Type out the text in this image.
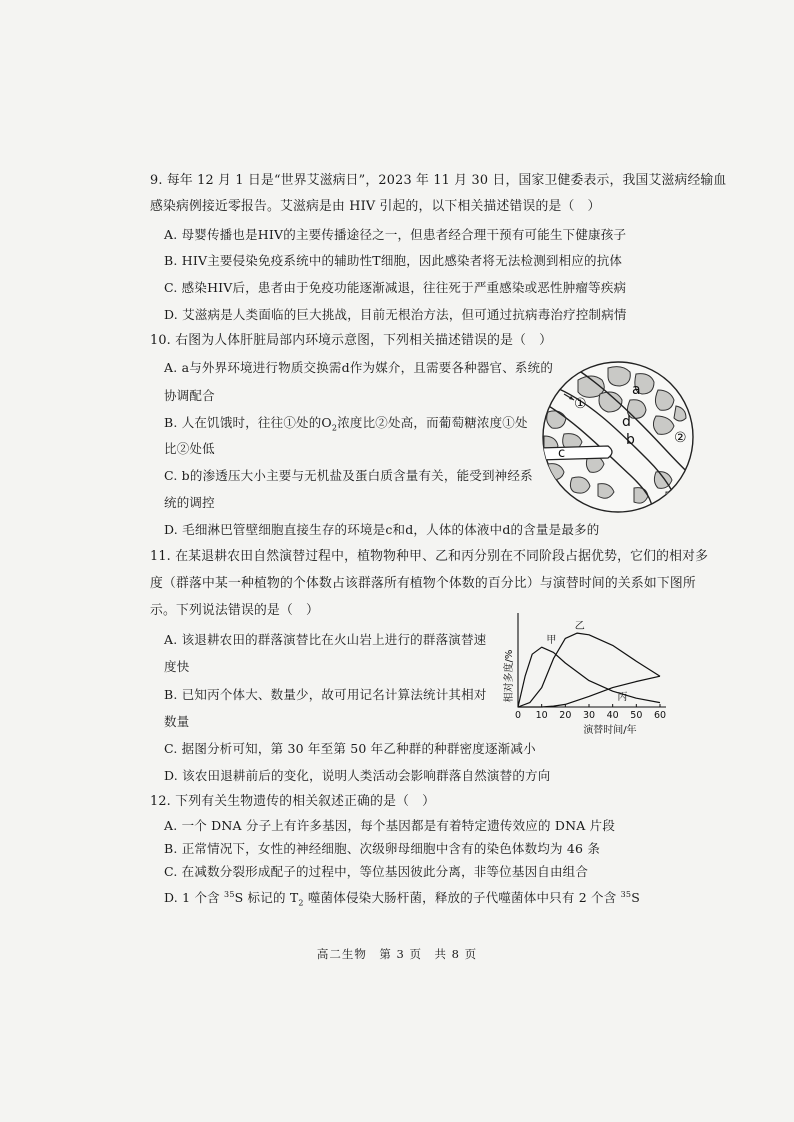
9. 每年 12 月 1 日是“世界艾滋病日”，2023 年 11 月 30 日，国家卫健委表示，我国艾滋病经输血
感染病例接近零报告。艾滋病是由 HIV 引起的，以下相关描述错误的是（　）
A. 母婴传播也是HIV的主要传播途径之一，但患者经合理干预有可能生下健康孩子
B. HIV主要侵染免疫系统中的辅助性T细胞，因此感染者将无法检测到相应的抗体
C. 感染HIV后，患者由于免疫功能逐渐减退，往往死于严重感染或恶性肿瘤等疾病
D. 艾滋病是人类面临的巨大挑战，目前无根治方法，但可通过抗病毒治疗控制病情
10. 右图为人体肝脏局部内环境示意图，下列相关描述错误的是（　）
A. a与外界环境进行物质交换需d作为媒介，且需要各种器官、系统的
协调配合
B. 人在饥饿时，往往①处的$O_2$浓度比②处高，而葡萄糖浓度①处
比②处低
C. b的渗透压大小主要与无机盐及蛋白质含量有关，能受到神经系
统的调控
D. 毛细淋巴管壁细胞直接生存的环境是c和d，人体的体液中d的含量是最多的
a
d
b
c
①
②
11. 在某退耕农田自然演替过程中，植物物种甲、乙和丙分别在不同阶段占据优势，它们的相对多
度（群落中某一种植物的个体数占该群落所有植物个体数的百分比）与演替时间的关系如下图所
示。下列说法错误的是（　）
A. 该退耕农田的群落演替比在火山岩上进行的群落演替速
度快
B. 已知丙个体大、数量少，故可用记名计算法统计其相对
数量
C. 据图分析可知，第 30 年至第 50 年乙种群的种群密度逐渐减小
D. 该农田退耕前后的变化，说明人类活动会影响群落自然演替的方向
甲
乙
丙
0 10 20 30 40 50 60
相对多度/%
演替时间/年
12. 下列有关生物遗传的相关叙述正确的是（　）
A. 一个 DNA 分子上有许多基因，每个基因都是有着特定遗传效应的 DNA 片段
B. 正常情况下，女性的神经细胞、次级卵母细胞中含有的染色体数均为 46 条
C. 在减数分裂形成配子的过程中，等位基因彼此分离，非等位基因自由组合
D. 1 个含 $^{35}$S 标记的 $T_2$ 噬菌体侵染大肠杆菌，释放的子代噬菌体中只有 2 个含 $^{35}$S
高二生物　第 3 页　共 8 页
